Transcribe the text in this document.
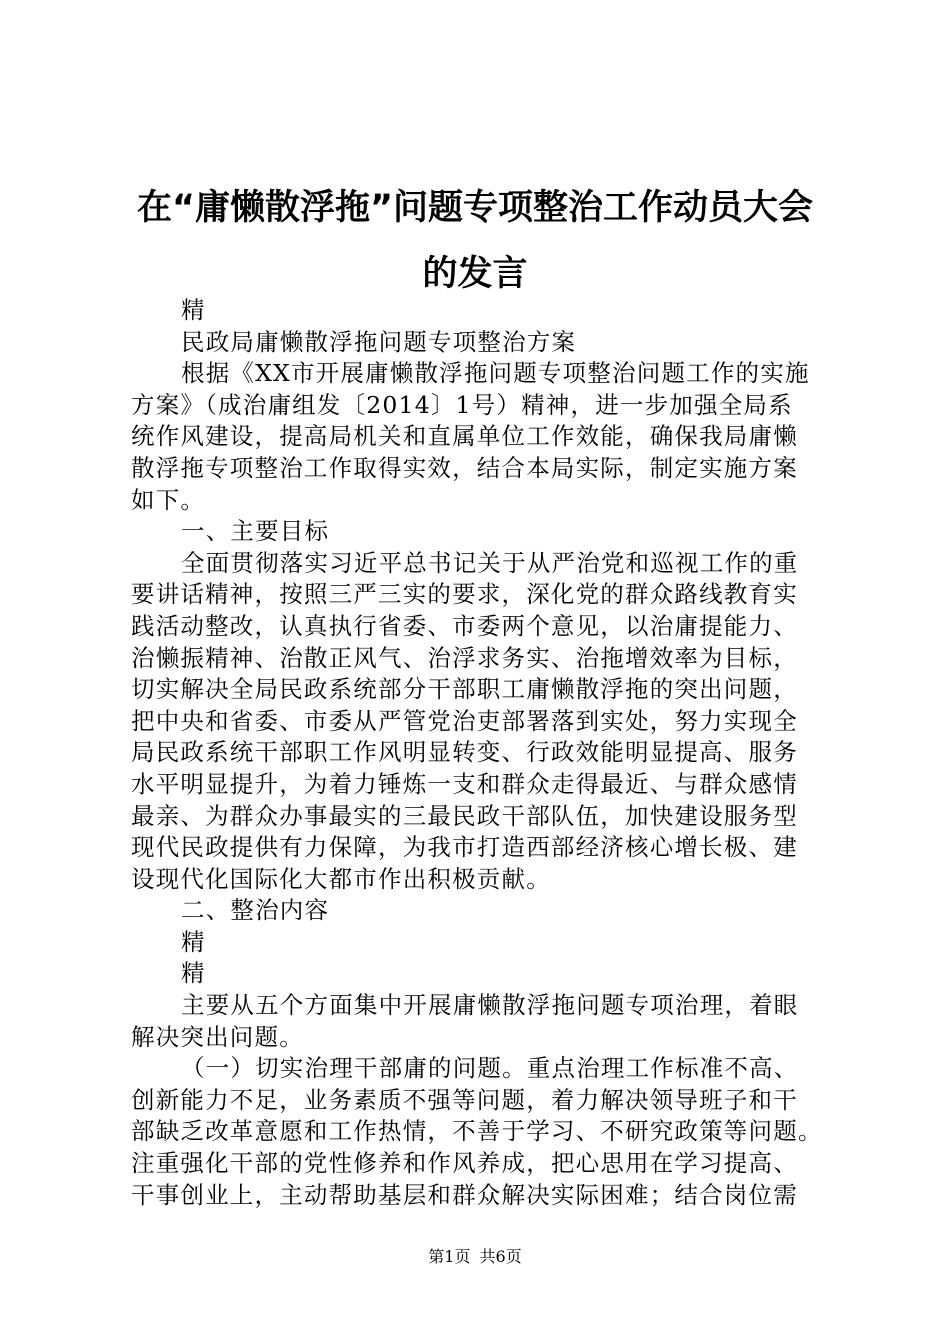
在“庸懒散浮拖”问题专项整治工作动员大会
的发言
精
民政局庸懒散浮拖问题专项整治方案
根据《XX市开展庸懒散浮拖问题专项整治问题工作的实施
方案》（成治庸组发〔2014〕1号）精神，进一步加强全局系
统作风建设，提高局机关和直属单位工作效能，确保我局庸懒
散浮拖专项整治工作取得实效，结合本局实际，制定实施方案
如下。
一、主要目标
全面贯彻落实习近平总书记关于从严治党和巡视工作的重
要讲话精神，按照三严三实的要求，深化党的群众路线教育实
践活动整改，认真执行省委、市委两个意见，以治庸提能力、
治懒振精神、治散正风气、治浮求务实、治拖增效率为目标，
切实解决全局民政系统部分干部职工庸懒散浮拖的突出问题，
把中央和省委、市委从严管党治吏部署落到实处，努力实现全
局民政系统干部职工作风明显转变、行政效能明显提高、服务
水平明显提升，为着力锤炼一支和群众走得最近、与群众感情
最亲、为群众办事最实的三最民政干部队伍，加快建设服务型
现代民政提供有力保障，为我市打造西部经济核心增长极、建
设现代化国际化大都市作出积极贡献。
二、整治内容
精
精
主要从五个方面集中开展庸懒散浮拖问题专项治理，着眼
解决突出问题。
（一）切实治理干部庸的问题。重点治理工作标准不高、
创新能力不足，业务素质不强等问题，着力解决领导班子和干
部缺乏改革意愿和工作热情，不善于学习、不研究政策等问题。
注重强化干部的党性修养和作风养成，把心思用在学习提高、
干事创业上，主动帮助基层和群众解决实际困难；结合岗位需
第1页 共6页
